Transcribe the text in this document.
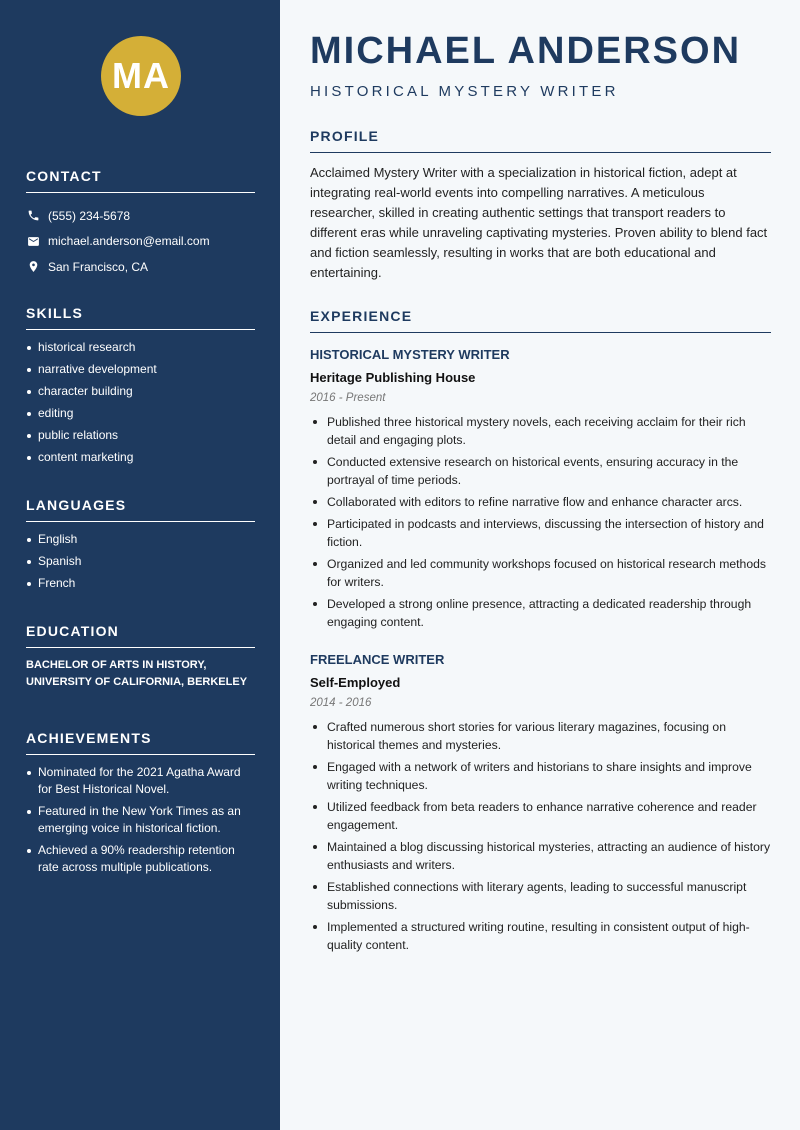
MA
CONTACT
(555) 234-5678
michael.anderson@email.com
San Francisco, CA
SKILLS
historical research
narrative development
character building
editing
public relations
content marketing
LANGUAGES
English
Spanish
French
EDUCATION

BACHELOR OF ARTS IN HISTORY, UNIVERSITY OF CALIFORNIA, BERKELEY

ACHIEVEMENTS
Nominated for the 2021 Agatha Award for Best Historical Novel.
Featured in the New York Times as an emerging voice in historical fiction.
Achieved a 90% readership retention rate across multiple publications.
MICHAEL ANDERSON
HISTORICAL MYSTERY WRITER
PROFILE

Acclaimed Mystery Writer with a specialization in historical fiction, adept at integrating real-world events into compelling narratives. A meticulous researcher, skilled in creating authentic settings that transport readers to different eras while unraveling captivating mysteries. Proven ability to blend fact and fiction seamlessly, resulting in works that are both educational and entertaining.

EXPERIENCE
HISTORICAL MYSTERY WRITER
Heritage Publishing House
2016 - Present
Published three historical mystery novels, each receiving acclaim for their rich detail and engaging plots.
Conducted extensive research on historical events, ensuring accuracy in the portrayal of time periods.
Collaborated with editors to refine narrative flow and enhance character arcs.
Participated in podcasts and interviews, discussing the intersection of history and fiction.
Organized and led community workshops focused on historical research methods for writers.
Developed a strong online presence, attracting a dedicated readership through engaging content.
FREELANCE WRITER
Self-Employed
2014 - 2016
Crafted numerous short stories for various literary magazines, focusing on historical themes and mysteries.
Engaged with a network of writers and historians to share insights and improve writing techniques.
Utilized feedback from beta readers to enhance narrative coherence and reader engagement.
Maintained a blog discussing historical mysteries, attracting an audience of history enthusiasts and writers.
Established connections with literary agents, leading to successful manuscript submissions.
Implemented a structured writing routine, resulting in consistent output of high-quality content.
